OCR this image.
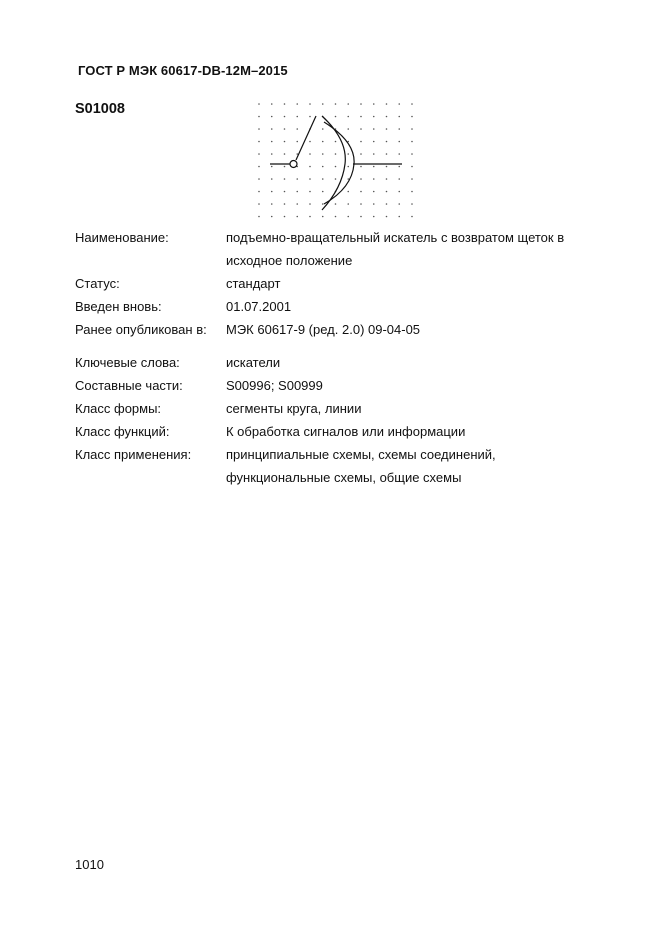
ГОСТ Р МЭК 60617-DB-12M–2015
S01008
Наименование:	подъемно-вращательный искатель с возвратом щеток в исходное положение
Статус:	стандарт
Введен вновь:	01.07.2001
Ранее опубликован в: МЭК 60617-9 (ред. 2.0) 09-04-05
Ключевые слова:	искатели
Составные части:	S00996; S00999
Класс формы:	сегменты круга, линии
Класс функций:	К обработка сигналов или информации
Класс применения:	принципиальные схемы, схемы соединений, функциональные схемы, общие схемы
1010
